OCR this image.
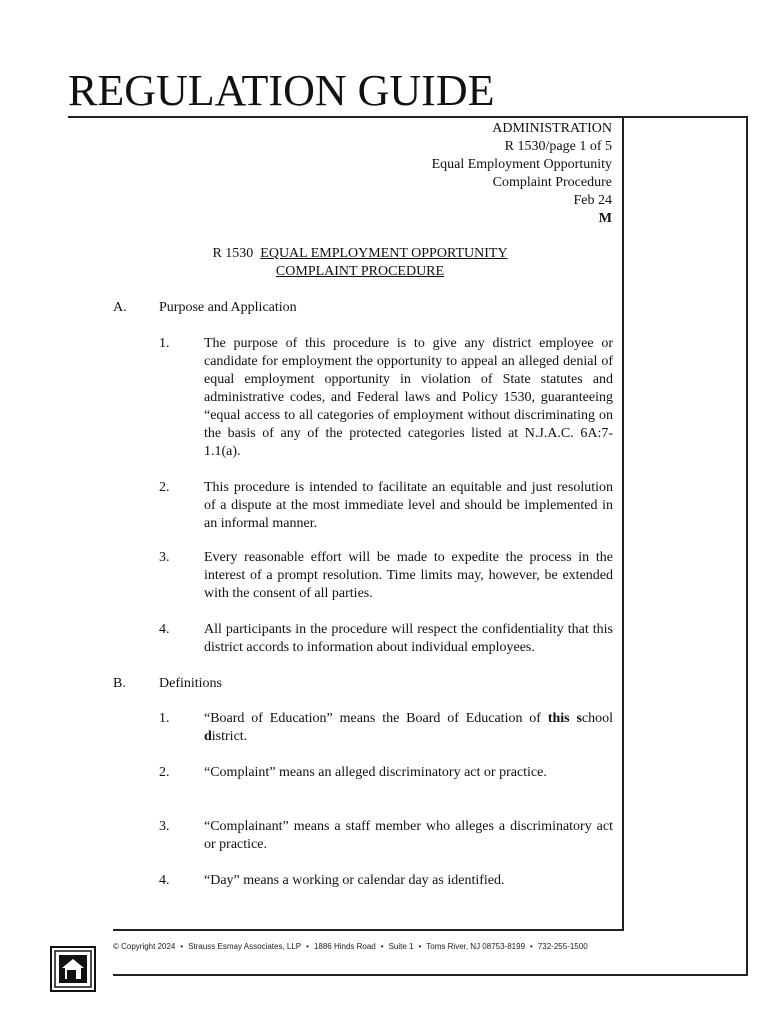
REGULATION GUIDE
ADMINISTRATION
R 1530/page 1 of 5
Equal Employment Opportunity
Complaint Procedure
Feb 24
M
R 1530 EQUAL EMPLOYMENT OPPORTUNITY
COMPLAINT PROCEDURE
A. Purpose and Application
1. The purpose of this procedure is to give any district employee or candidate for employment the opportunity to appeal an alleged denial of equal employment opportunity in violation of State statutes and administrative codes, and Federal laws and Policy 1530, guaranteeing “equal access to all categories of employment without discriminating on the basis of any of the protected categories listed at N.J.A.C. 6A:7-1.1(a).
2. This procedure is intended to facilitate an equitable and just resolution of a dispute at the most immediate level and should be implemented in an informal manner.
3. Every reasonable effort will be made to expedite the process in the interest of a prompt resolution. Time limits may, however, be extended with the consent of all parties.
4. All participants in the procedure will respect the confidentiality that this district accords to information about individual employees.
B. Definitions
1. “Board of Education” means the Board of Education of this school district.
2. “Complaint” means an alleged discriminatory act or practice.
3. “Complainant” means a staff member who alleges a discriminatory act or practice.
4. “Day” means a working or calendar day as identified.
© Copyright 2024 • Strauss Esmay Associates, LLP • 1886 Hinds Road • Suite 1 • Toms River, NJ 08753-8199 • 732-255-1500
